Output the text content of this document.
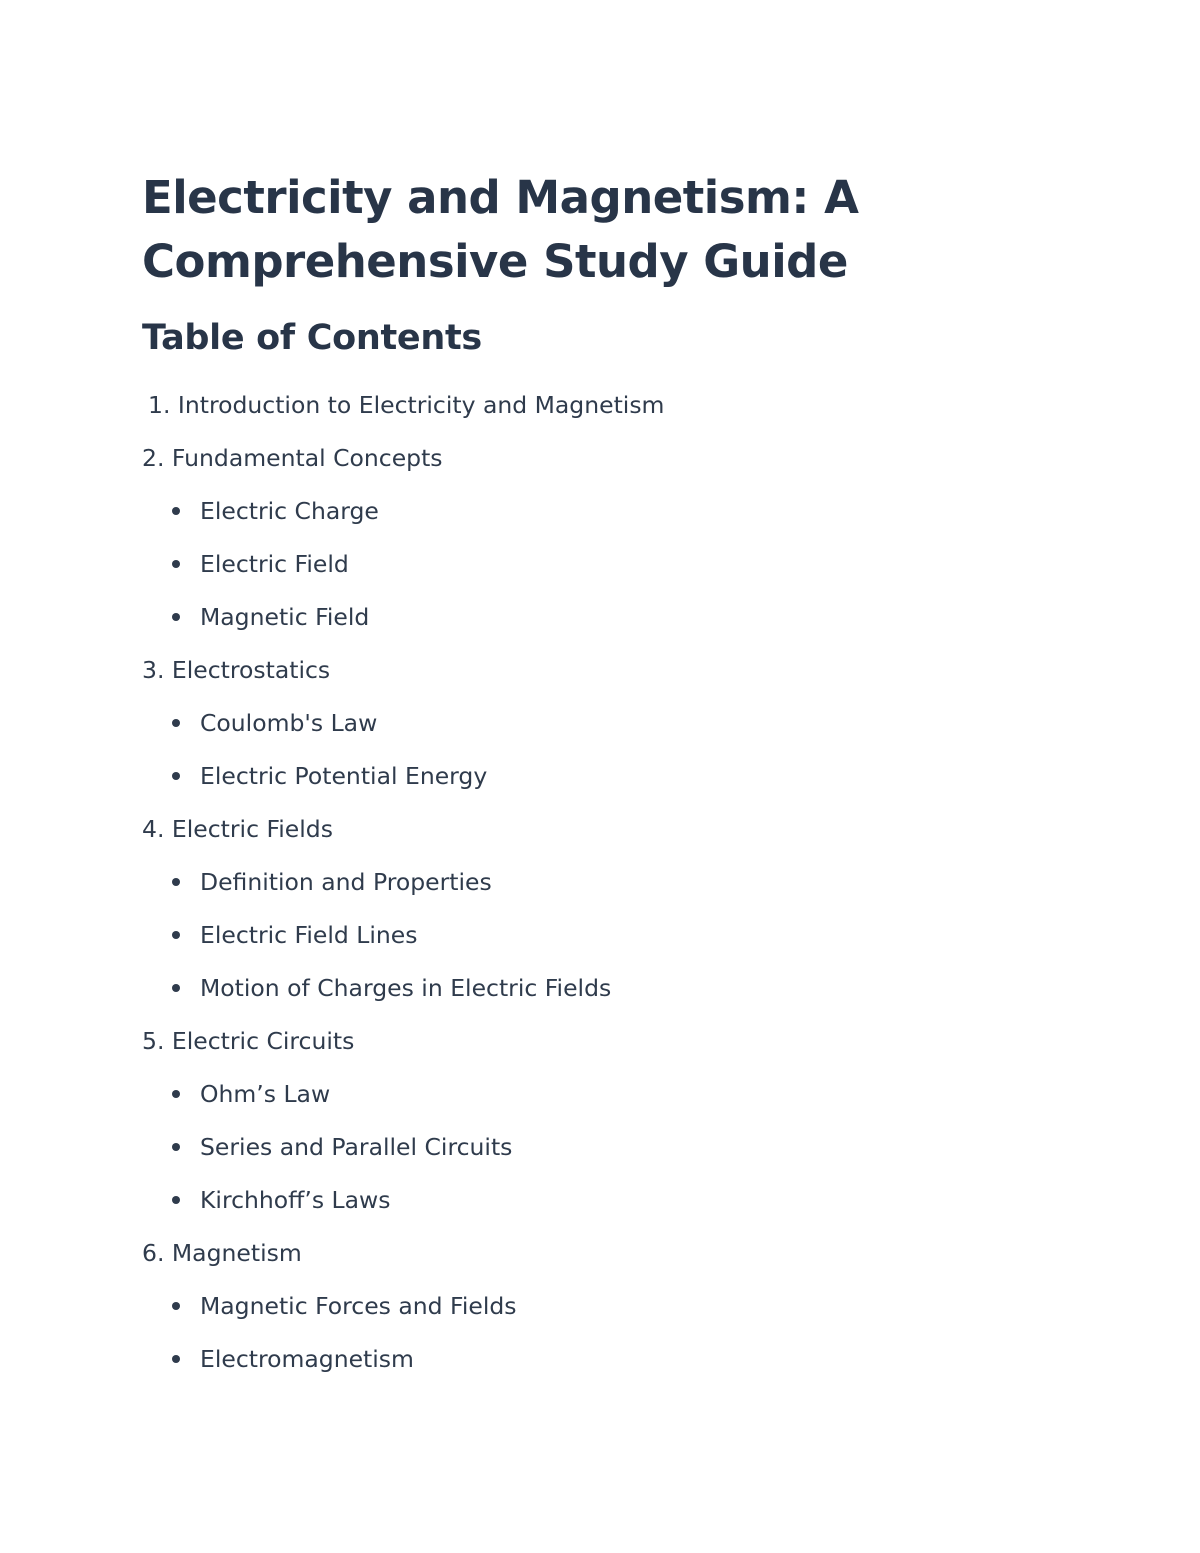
Electricity and Magnetism: A Comprehensive Study Guide
Table of Contents
1. Introduction to Electricity and Magnetism
2. Fundamental Concepts
Electric Charge
Electric Field
Magnetic Field
3. Electrostatics
Coulomb's Law
Electric Potential Energy
4. Electric Fields
Definition and Properties
Electric Field Lines
Motion of Charges in Electric Fields
5. Electric Circuits
Ohm’s Law
Series and Parallel Circuits
Kirchhoff’s Laws
6. Magnetism
Magnetic Forces and Fields
Electromagnetism
